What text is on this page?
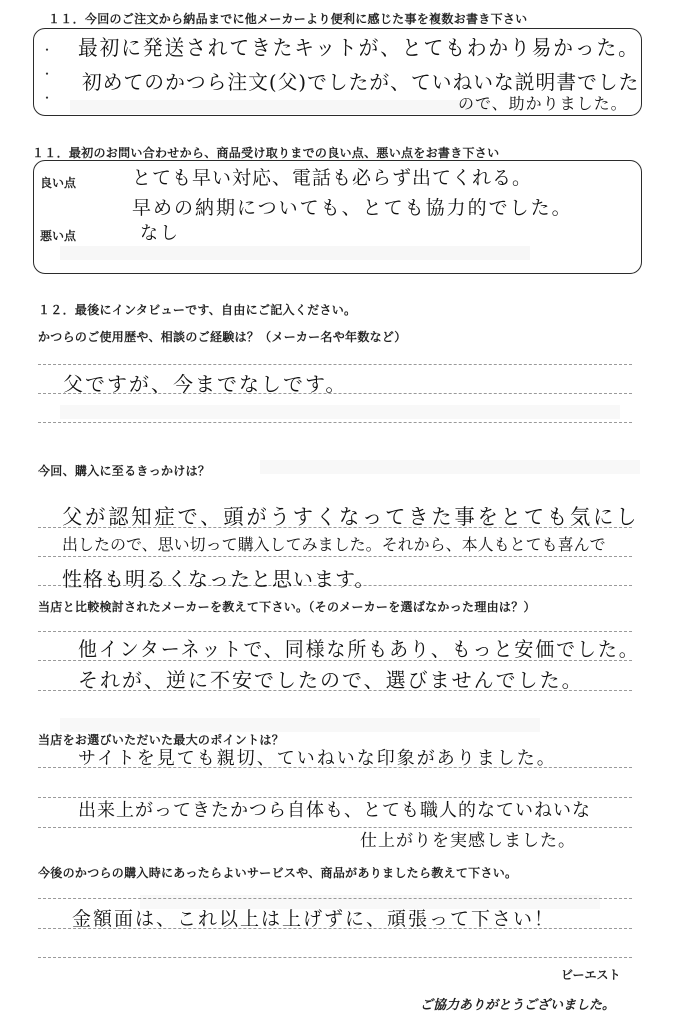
１１．今回のご注文から納品までに他メーカーより便利に感じた事を複数お書き下さい
・
・
・
最初に発送されてきたキットが、とてもわかり易かった。
初めてのかつら注文(父)でしたが、ていねいな説明書でした
ので、助かりました。
１１．最初のお問い合わせから、商品受け取りまでの良い点、悪い点をお書き下さい
良い点
悪い点
とても早い対応、電話も必らず出てくれる。
早めの納期についても、とても協力的でした。
なし
１２．最後にインタビューです、自由にご記入ください。
かつらのご使用歴や、相談のご経験は？（メーカー名や年数など）
父ですが、今までなしです。
今回、購入に至るきっかけは？
父が認知症で、頭がうすくなってきた事をとても気にし
出したので、思い切って購入してみました。それから、本人もとても喜んで
性格も明るくなったと思います。
当店と比較検討されたメーカーを教えて下さい。（そのメーカーを選ばなかった理由は？）
他インターネットで、同様な所もあり、もっと安価でした。
それが、逆に不安でしたので、選びませんでした。
当店をお選びいただいた最大のポイントは？
サイトを見ても親切、ていねいな印象がありました。
出来上がってきたかつら自体も、とても職人的なていねいな
仕上がりを実感しました。
今後のかつらの購入時にあったらよいサービスや、商品がありましたら教えて下さい。
金額面は、これ以上は上げずに、頑張って下さい！
ビーエスト
ご協力ありがとうございました。
